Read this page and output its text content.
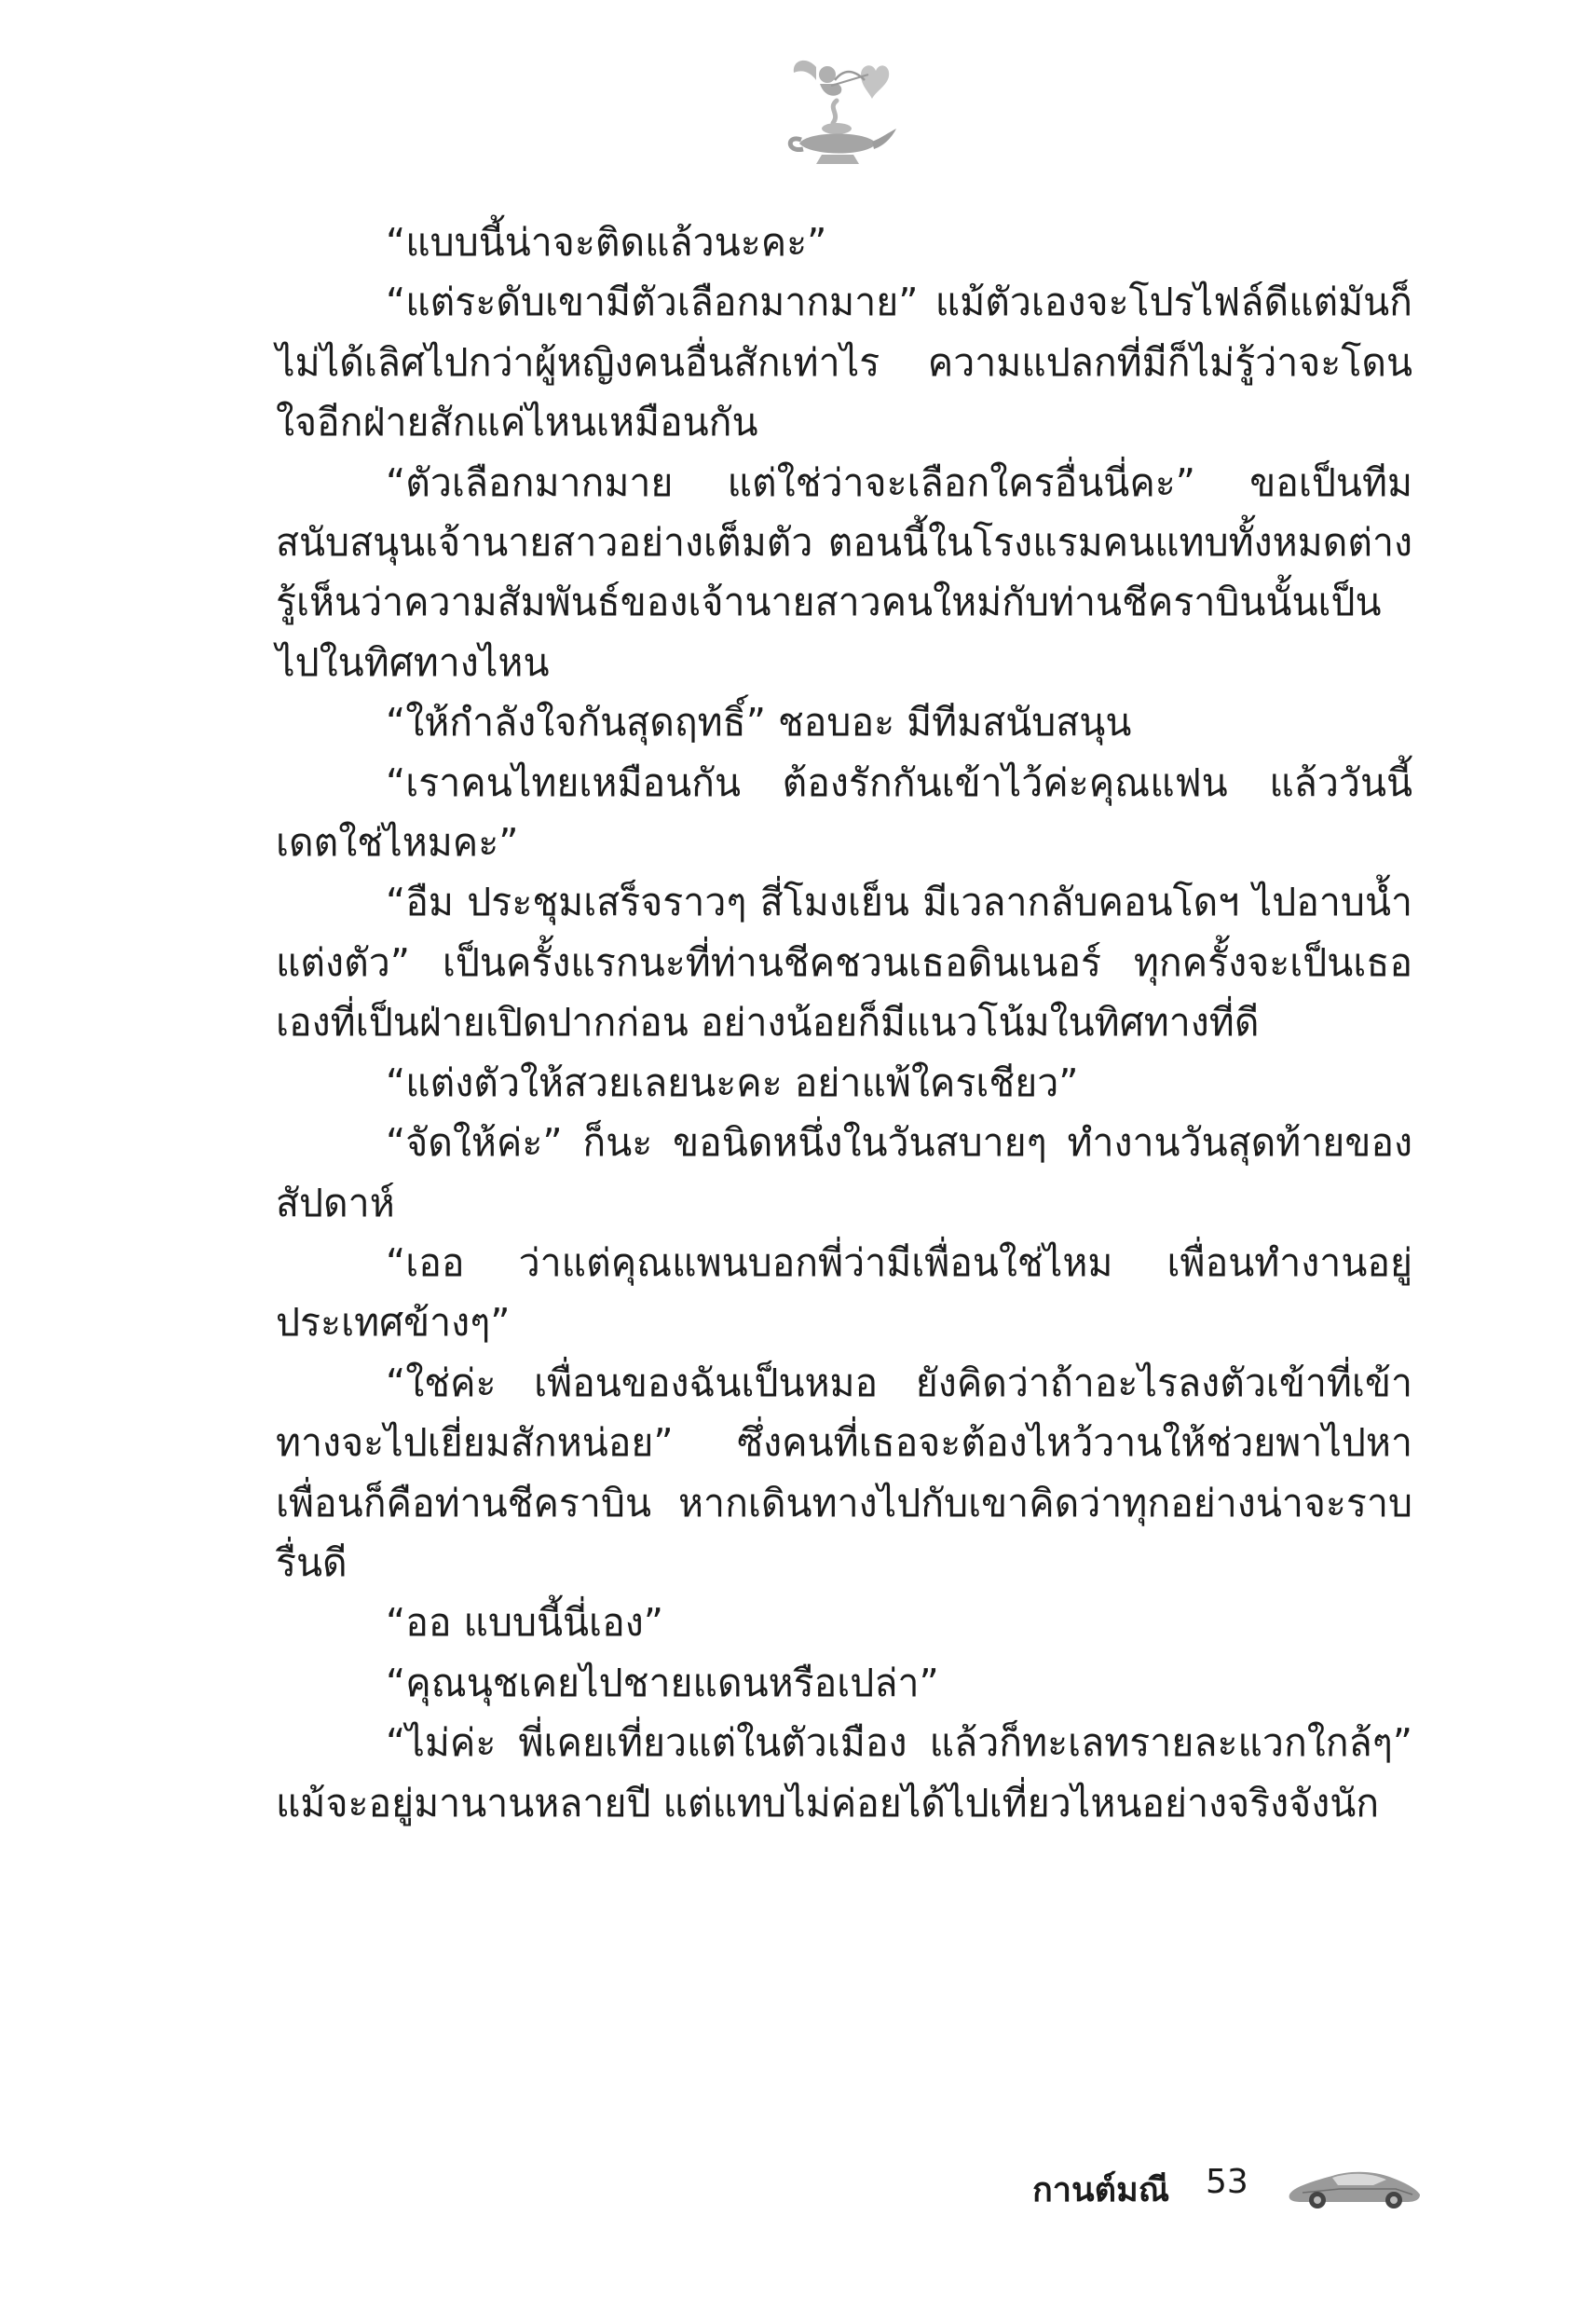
“แบบนี้น่าจะติดแล้วนะคะ”

“แต่ระดับเขามีตัวเลือกมากมาย” แม้ตัวเองจะโปรไฟล์ดีแต่มันก็ไม่ได้เลิศไปกว่าผู้หญิงคนอื่นสักเท่าไร ความแปลกที่มีก็ไม่รู้ว่าจะโดนใจอีกฝ่ายสักแค่ไหนเหมือนกัน

“ตัวเลือกมากมาย แต่ใช่ว่าจะเลือกใครอื่นนี่คะ” ขอเป็นทีมสนับสนุนเจ้านายสาวอย่างเต็มตัว ตอนนี้ในโรงแรมคนแทบทั้งหมดต่างรู้เห็นว่าความสัมพันธ์ของเจ้านายสาวคนใหม่กับท่านชีคราบินนั้นเป็นไปในทิศทางไหน

“ให้กำลังใจกันสุดฤทธิ์” ชอบอะ มีทีมสนับสนุน

“เราคนไทยเหมือนกัน ต้องรักกันเข้าไว้ค่ะคุณแฟน แล้ววันนี้เดตใช่ไหมคะ”

“อืม ประชุมเสร็จราวๆ สี่โมงเย็น มีเวลากลับคอนโดฯ ไปอาบน้ำแต่งตัว” เป็นครั้งแรกนะที่ท่านชีคชวนเธอดินเนอร์ ทุกครั้งจะเป็นเธอเองที่เป็นฝ่ายเปิดปากก่อน อย่างน้อยก็มีแนวโน้มในทิศทางที่ดี

“แต่งตัวให้สวยเลยนะคะ อย่าแพ้ใครเชียว”

“จัดให้ค่ะ” ก็นะ ขอนิดหนึ่งในวันสบายๆ ทำงานวันสุดท้ายของสัปดาห์

“เออ ว่าแต่คุณแพนบอกพี่ว่ามีเพื่อนใช่ไหม เพื่อนทำงานอยู่ประเทศข้างๆ”

“ใช่ค่ะ เพื่อนของฉันเป็นหมอ ยังคิดว่าถ้าอะไรลงตัวเข้าที่เข้าทางจะไปเยี่ยมสักหน่อย” ซึ่งคนที่เธอจะต้องไหว้วานให้ช่วยพาไปหาเพื่อนก็คือท่านชีคราบิน หากเดินทางไปกับเขาคิดว่าทุกอย่างน่าจะราบรื่นดี

“ออ แบบนี้นี่เอง”

“คุณนุชเคยไปชายแดนหรือเปล่า”

“ไม่ค่ะ พี่เคยเที่ยวแต่ในตัวเมือง แล้วก็ทะเลทรายละแวกใกล้ๆ” แม้จะอยู่มานานหลายปี แต่แทบไม่ค่อยได้ไปเที่ยวไหนอย่างจริงจังนัก

กานต์มณี 53
